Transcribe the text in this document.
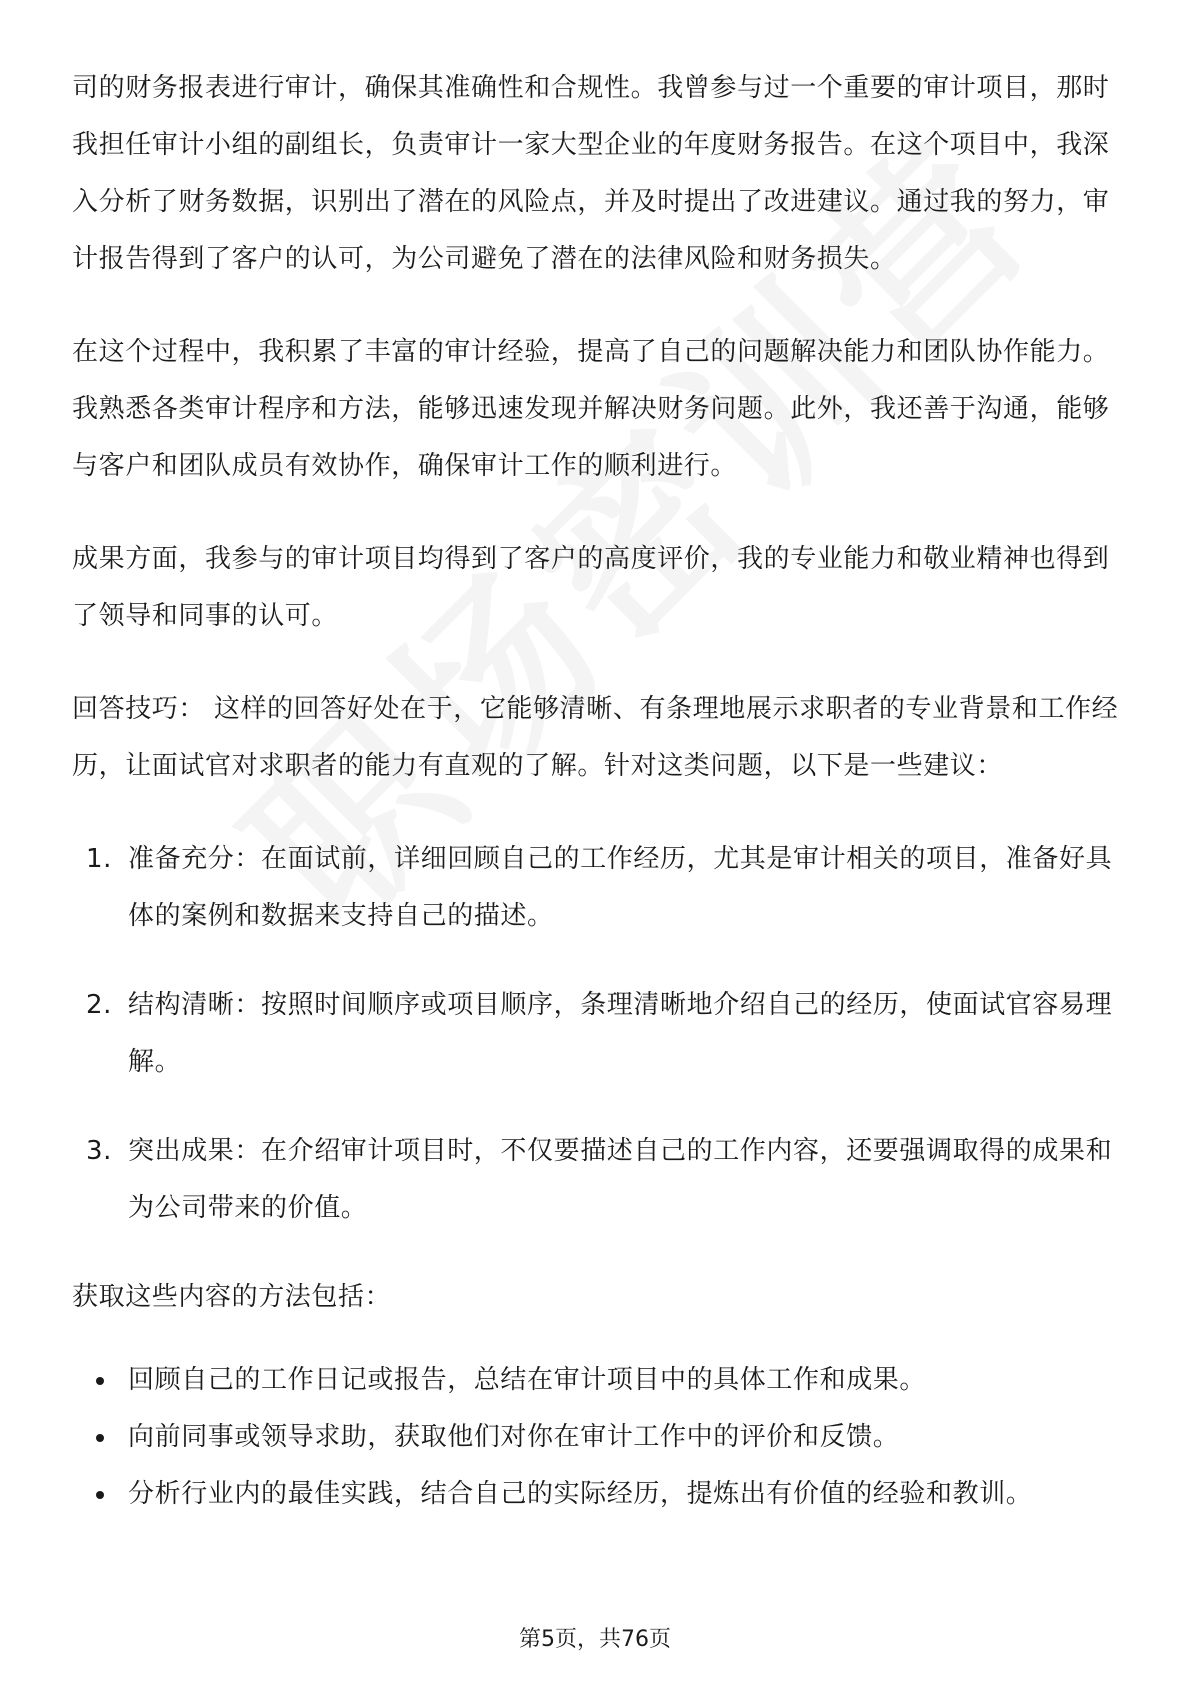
司的财务报表进行审计，确保其准确性和合规性。我曾参与过一个重要的审计项目，那时我担任审计小组的副组长，负责审计一家大型企业的年度财务报告。在这个项目中，我深入分析了财务数据，识别出了潜在的风险点，并及时提出了改进建议。通过我的努力，审计报告得到了客户的认可，为公司避免了潜在的法律风险和财务损失。

在这个过程中，我积累了丰富的审计经验，提高了自己的问题解决能力和团队协作能力。我熟悉各类审计程序和方法，能够迅速发现并解决财务问题。此外，我还善于沟通，能够与客户和团队成员有效协作，确保审计工作的顺利进行。

成果方面，我参与的审计项目均得到了客户的高度评价，我的专业能力和敬业精神也得到了领导和同事的认可。

回答技巧： 这样的回答好处在于，它能够清晰、有条理地展示求职者的专业背景和工作经历，让面试官对求职者的能力有直观的了解。针对这类问题，以下是一些建议：

1. 准备充分：在面试前，详细回顾自己的工作经历，尤其是审计相关的项目，准备好具体的案例和数据来支持自己的描述。
2. 结构清晰：按照时间顺序或项目顺序，条理清晰地介绍自己的经历，使面试官容易理解。
3. 突出成果：在介绍审计项目时，不仅要描述自己的工作内容，还要强调取得的成果和为公司带来的价值。

获取这些内容的方法包括：

回顾自己的工作日记或报告，总结在审计项目中的具体工作和成果。
向前同事或领导求助，获取他们对你在审计工作中的评价和反馈。
分析行业内的最佳实践，结合自己的实际经历，提炼出有价值的经验和教训。
第5页，共76页
